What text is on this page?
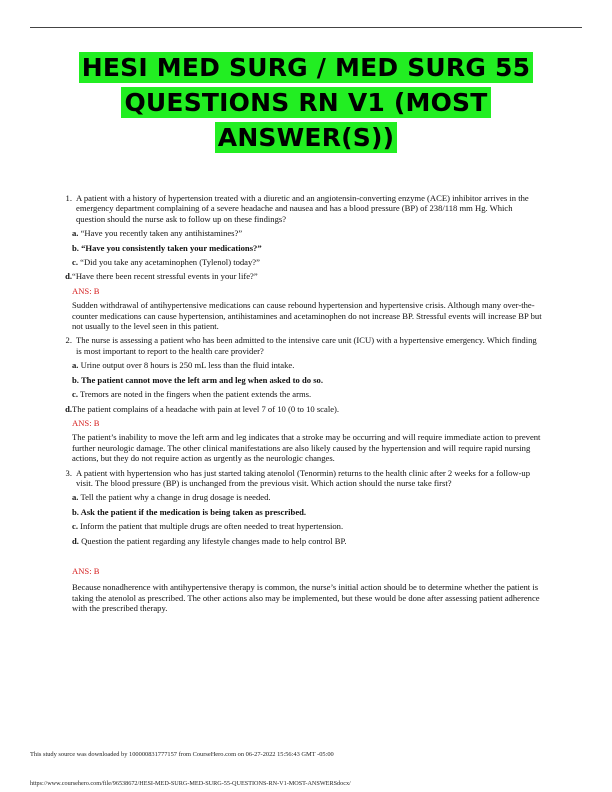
HESI MED SURG / MED SURG 55
QUESTIONS RN V1 (MOST
ANSWER(S))
1. A patient with a history of hypertension treated with a diuretic and an angiotensin-converting enzyme (ACE) inhibitor arrives in the emergency department complaining of a severe headache and nausea and has a blood pressure (BP) of 238/118 mm Hg. Which question should the nurse ask to follow up on these findings?
a. “Have you recently taken any antihistamines?”
b. “Have you consistently taken your medications?”
c. “Did you take any acetaminophen (Tylenol) today?”
d. “Have there been recent stressful events in your life?”
ANS: B
Sudden withdrawal of antihypertensive medications can cause rebound hypertension and hypertensive crisis. Although many over-the-counter medications can cause hypertension, antihistamines and acetaminophen do not increase BP. Stressful events will increase BP but not usually to the level seen in this patient.
2. The nurse is assessing a patient who has been admitted to the intensive care unit (ICU) with a hypertensive emergency. Which finding is most important to report to the health care provider?
a. Urine output over 8 hours is 250 mL less than the fluid intake.
b. The patient cannot move the left arm and leg when asked to do so.
c. Tremors are noted in the fingers when the patient extends the arms.
d. The patient complains of a headache with pain at level 7 of 10 (0 to 10 scale).
ANS: B
The patient’s inability to move the left arm and leg indicates that a stroke may be occurring and will require immediate action to prevent further neurologic damage. The other clinical manifestations are also likely caused by the hypertension and will require rapid nursing actions, but they do not require action as urgently as the neurologic changes.
3. A patient with hypertension who has just started taking atenolol (Tenormin) returns to the health clinic after 2 weeks for a follow-up visit. The blood pressure (BP) is unchanged from the previous visit. Which action should the nurse take first?
a. Tell the patient why a change in drug dosage is needed.
b. Ask the patient if the medication is being taken as prescribed.
c. Inform the patient that multiple drugs are often needed to treat hypertension.
d. Question the patient regarding any lifestyle changes made to help control BP.
ANS: B
Because nonadherence with antihypertensive therapy is common, the nurse’s initial action should be to determine whether the patient is taking the atenolol as prescribed. The other actions also may be implemented, but these would be done after assessing patient adherence with the prescribed therapy.
This study source was downloaded by 100000831777157 from CourseHero.com on 06-27-2022 15:56:43 GMT -05:00
https://www.coursehero.com/file/96538672/HESI-MED-SURG-MED-SURG-55-QUESTIONS-RN-V1-MOST-ANSWERSdocx/
